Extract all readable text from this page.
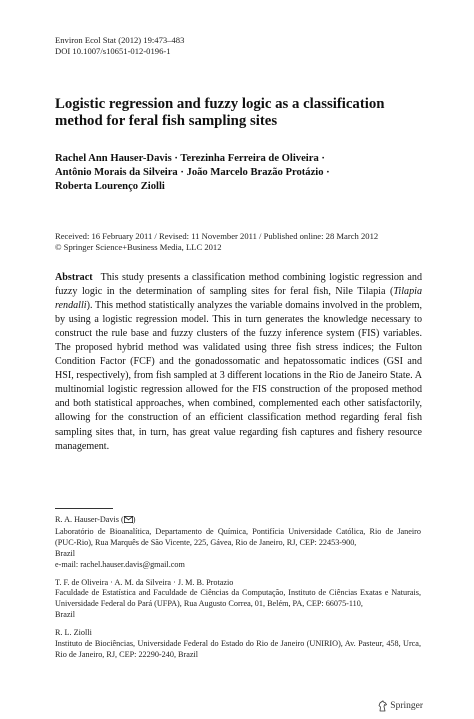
Environ Ecol Stat (2012) 19:473–483
DOI 10.1007/s10651-012-0196-1
Logistic regression and fuzzy logic as a classification
method for feral fish sampling sites
Rachel Ann Hauser-Davis · Terezinha Ferreira de Oliveira ·
Antônio Morais da Silveira · João Marcelo Brazão Protázio ·
Roberta Lourenço Ziolli
Received: 16 February 2011 / Revised: 11 November 2011 / Published online: 28 March 2012
© Springer Science+Business Media, LLC 2012
Abstract This study presents a classification method combining logistic regression and fuzzy logic in the determination of sampling sites for feral fish, Nile Tilapia (Tilapia rendalli). This method statistically analyzes the variable domains involved in the problem, by using a logistic regression model. This in turn generates the knowledge necessary to construct the rule base and fuzzy clusters of the fuzzy inference system (FIS) variables. The proposed hybrid method was validated using three fish stress indices; the Fulton Condition Factor (FCF) and the gonadossomatic and hepatossomatic indices (GSI and HSI, respectively), from fish sampled at 3 different locations in the Rio de Janeiro State. A multinomial logistic regression allowed for the FIS construction of the proposed method and both statistical approaches, when combined, complemented each other satisfactorily, allowing for the construction of an efficient classification method regarding feral fish sampling sites that, in turn, has great value regarding fish captures and fishery resource management.
R. A. Hauser-Davis ( )
Laboratório de Bioanalítica, Departamento de Química, Pontifícia Universidade Católica, Rio de Janeiro (PUC-Rio), Rua Marquês de São Vicente, 225, Gávea, Rio de Janeiro, RJ, CEP: 22453-900,
Brazil
e-mail: rachel.hauser.davis@gmail.com
T. F. de Oliveira · A. M. da Silveira · J. M. B. Protazio
Faculdade de Estatística and Faculdade de Ciências da Computação, Instituto de Ciências Exatas e Naturais, Universidade Federal do Pará (UFPA), Rua Augusto Correa, 01, Belém, PA, CEP: 66075-110,
Brazil
R. L. Ziolli
Instituto de Biociências, Universidade Federal do Estado do Rio de Janeiro (UNIRIO), Av. Pasteur, 458, Urca, Rio de Janeiro, RJ, CEP: 22290-240, Brazil
Springer
